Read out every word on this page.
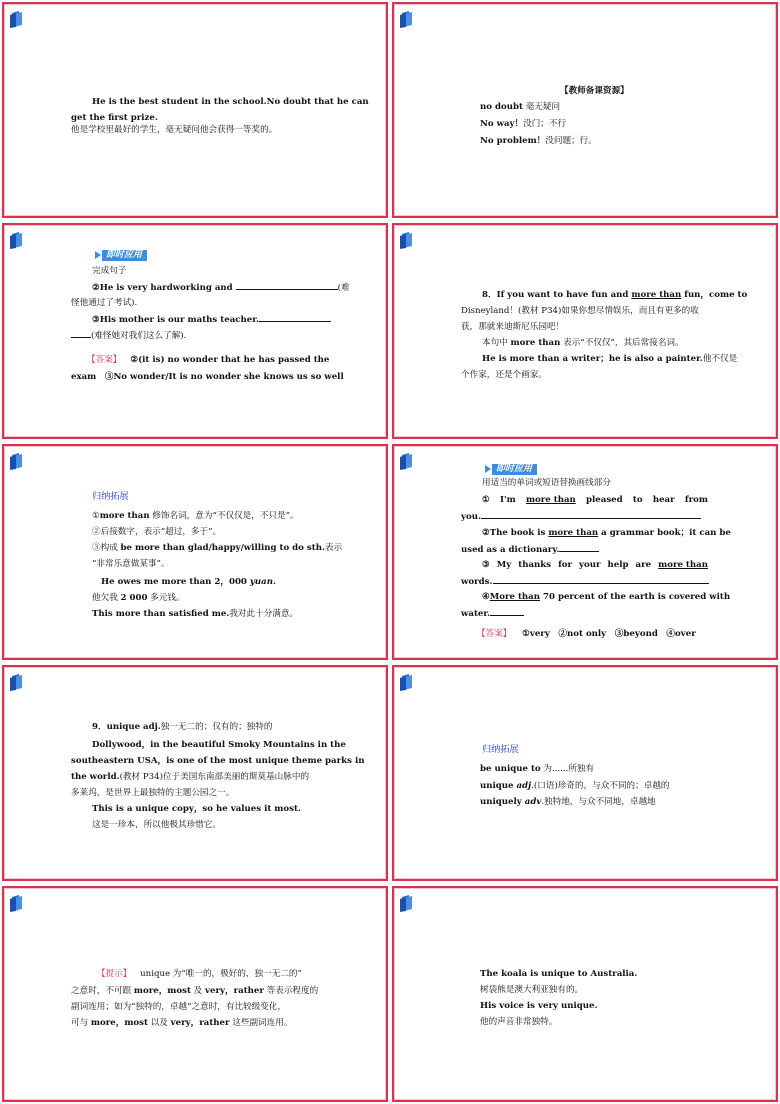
He is the best student in the school.No doubt that he can
get the first prize.
他是学校里最好的学生，毫无疑问他会获得一等奖的。
【教师备课资源】
no doubt 毫无疑问
No way！没门；不行
No problem！没问题；行。
即时应用
完成句子
②He is very hardworking and	(难
怪他通过了考试).
③His mother is our maths teacher.
(难怪她对我们这么了解).
【答案】 ②(it is) no wonder that he has passed the
exam　③No wonder/It is no wonder she knows us so well
8．If you want to have fun and more than fun，come to
Disneyland！(教材 P34)如果你想尽情娱乐，而且有更多的收
获，那就来迪斯尼乐园吧！
本句中 more than 表示“不仅仅”，其后常接名词。
He is more than a writer；he is also a painter.他不仅是
个作家，还是个画家。
归纳拓展
①more than 修饰名词，意为“不仅仅是，不只是”。
②后接数字，表示“超过，多于”。
③构成 be more than glad/happy/willing to do sth.表示
“非常乐意做某事”。
He owes me more than 2，000 yuan.
他欠我 2 000 多元钱。
This more than satisfied me.我对此十分满意。
即时应用
用适当的单词或短语替换画线部分
① I'm more than pleased to hear from
you.
②The book is more than a grammar book；it can be
used as a dictionary.
③ My thanks for your help are more than
words.
④More than 70 percent of the earth is covered with
water.
【答案】 ①very　②not only　③beyond　④over
9．unique adj.独一无二的；仅有的；独特的
Dollywood，in the beautiful Smoky Mountains in the
southeastern USA，is one of the most unique theme parks in
the world.(教材 P34)位于美国东南部美丽的斯莫基山脉中的
多莱坞，是世界上最独特的主题公园之一。
This is a unique copy，so he values it most.
这是一珍本，所以他极其珍惜它。
归纳拓展
be unique to 为......所独有
unique adj.(口语)珍奇的，与众不同的；卓越的
uniquely adv.独特地，与众不同地，卓越地
【提示】 unique 为“唯一的，极好的，独一无二的”
之意时，不可跟 more，most 及 very，rather 等表示程度的
副词连用；如为“独特的，卓越”之意时，有比较级变化，
可与 more，most 以及 very，rather 这些副词连用。
The koala is unique to Australia.
树袋熊是澳大利亚独有的。
His voice is very unique.
他的声音非常独特。
